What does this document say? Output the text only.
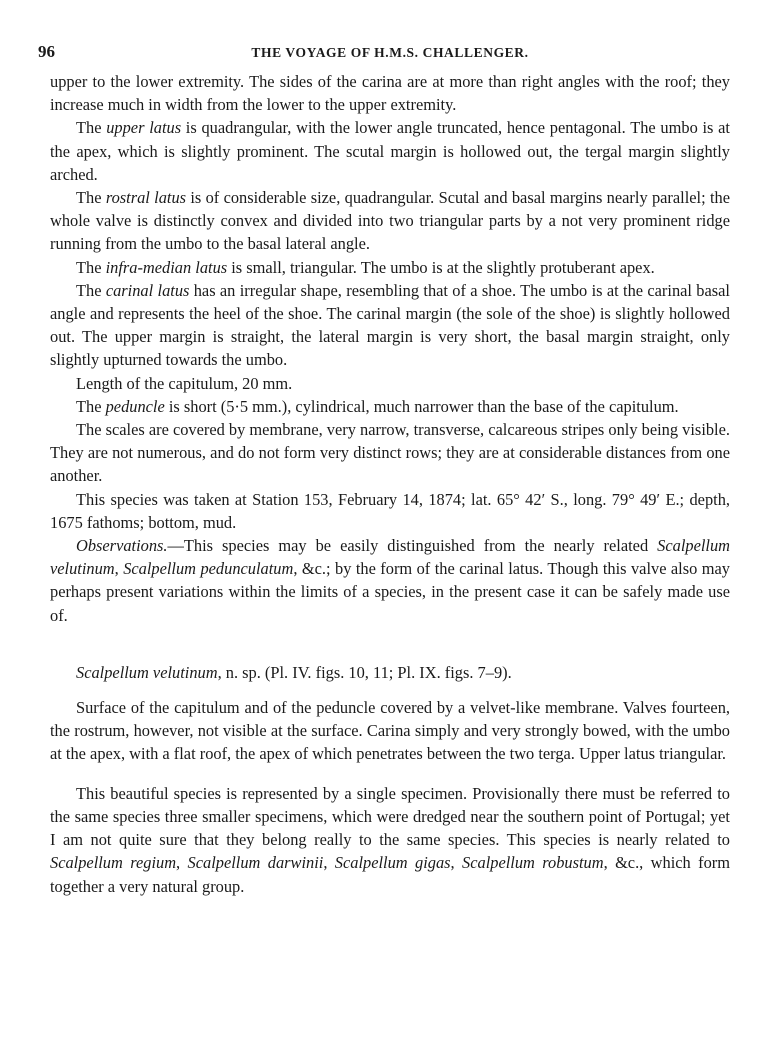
96	THE VOYAGE OF H.M.S. CHALLENGER.

upper to the lower extremity. The sides of the carina are at more than right angles with the roof; they increase much in width from the lower to the upper extremity.

The upper latus is quadrangular, with the lower angle truncated, hence pentagonal. The umbo is at the apex, which is slightly prominent. The scutal margin is hollowed out, the tergal margin slightly arched.

The rostral latus is of considerable size, quadrangular. Scutal and basal margins nearly parallel; the whole valve is distinctly convex and divided into two triangular parts by a not very prominent ridge running from the umbo to the basal lateral angle.

The infra-median latus is small, triangular. The umbo is at the slightly protuberant apex.

The carinal latus has an irregular shape, resembling that of a shoe. The umbo is at the carinal basal angle and represents the heel of the shoe. The carinal margin (the sole of the shoe) is slightly hollowed out. The upper margin is straight, the lateral margin is very short, the basal margin straight, only slightly upturned towards the umbo.

Length of the capitulum, 20 mm.

The peduncle is short (5·5 mm.), cylindrical, much narrower than the base of the capitulum.

The scales are covered by membrane, very narrow, transverse, calcareous stripes only being visible. They are not numerous, and do not form very distinct rows; they are at considerable distances from one another.

This species was taken at Station 153, February 14, 1874; lat. 65° 42′ S., long. 79° 49′ E.; depth, 1675 fathoms; bottom, mud.

Observations.—This species may be easily distinguished from the nearly related Scalpellum velutinum, Scalpellum pedunculatum, &c.; by the form of the carinal latus. Though this valve also may perhaps present variations within the limits of a species, in the present case it can be safely made use of.

Scalpellum velutinum, n. sp. (Pl. IV. figs. 10, 11; Pl. IX. figs. 7–9).

Surface of the capitulum and of the peduncle covered by a velvet-like membrane. Valves fourteen, the rostrum, however, not visible at the surface. Carina simply and very strongly bowed, with the umbo at the apex, with a flat roof, the apex of which penetrates between the two terga. Upper latus triangular.

This beautiful species is represented by a single specimen. Provisionally there must be referred to the same species three smaller specimens, which were dredged near the southern point of Portugal; yet I am not quite sure that they belong really to the same species. This species is nearly related to Scalpellum regium, Scalpellum darwinii, Scalpellum gigas, Scalpellum robustum, &c., which form together a very natural group.
